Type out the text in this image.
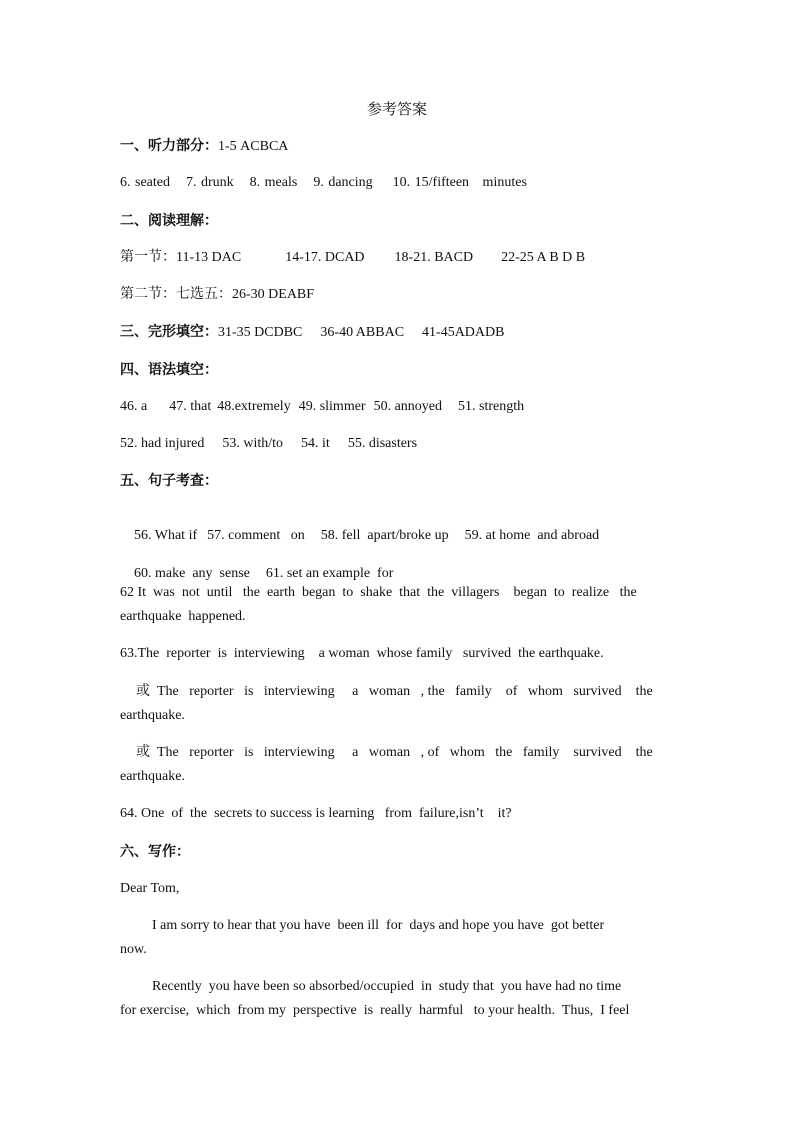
参考答案
一、听力部分：1-5 ACBCA
6. seated 7. drunk 8. meals 9. dancing 10. 15/fifteen   minutes
二、阅读理解：
第一节：11-13 DAC	14-17. DCAD 18-21. BACD 22-25 A B D B
第二节：七选五：26-30 DEABF
三、完形填空：31-35 DCDBC 36-40 ABBAC 41-45ADADB
四、语法填空：
46. a 47. that 48.extremely 49. slimmer 50. annoyed 51. strength
52. had injured 53. with/to 54. it 55. disasters
五、句子考查：

56. What if 57. comment   on 58. fell  apart/broke up 59. at home  and abroad

60. make  any  sense 61. set an example  for

62 It  was  not  until   the  earth  began  to  shake  that  the  villagers    began  to  realize   the
earthquake  happened.
63.The  reporter  is  interviewing    a woman  whose family   survived  the earthquake.
或  The   reporter   is   interviewing     a   woman   , the   family    of   whom   survived    the
earthquake.
或  The   reporter   is   interviewing     a   woman   , of   whom   the   family    survived    the
earthquake.
64. One  of  the  secrets to success is learning   from  failure,isn’t    it?
六、写作：
Dear Tom,
I am sorry to hear that you have  been ill  for  days and hope you have  got better
now.
Recently  you have been so absorbed/occupied  in  study that  you have had no time
for exercise,  which  from my  perspective  is  really  harmful   to your health.  Thus,  I feel
